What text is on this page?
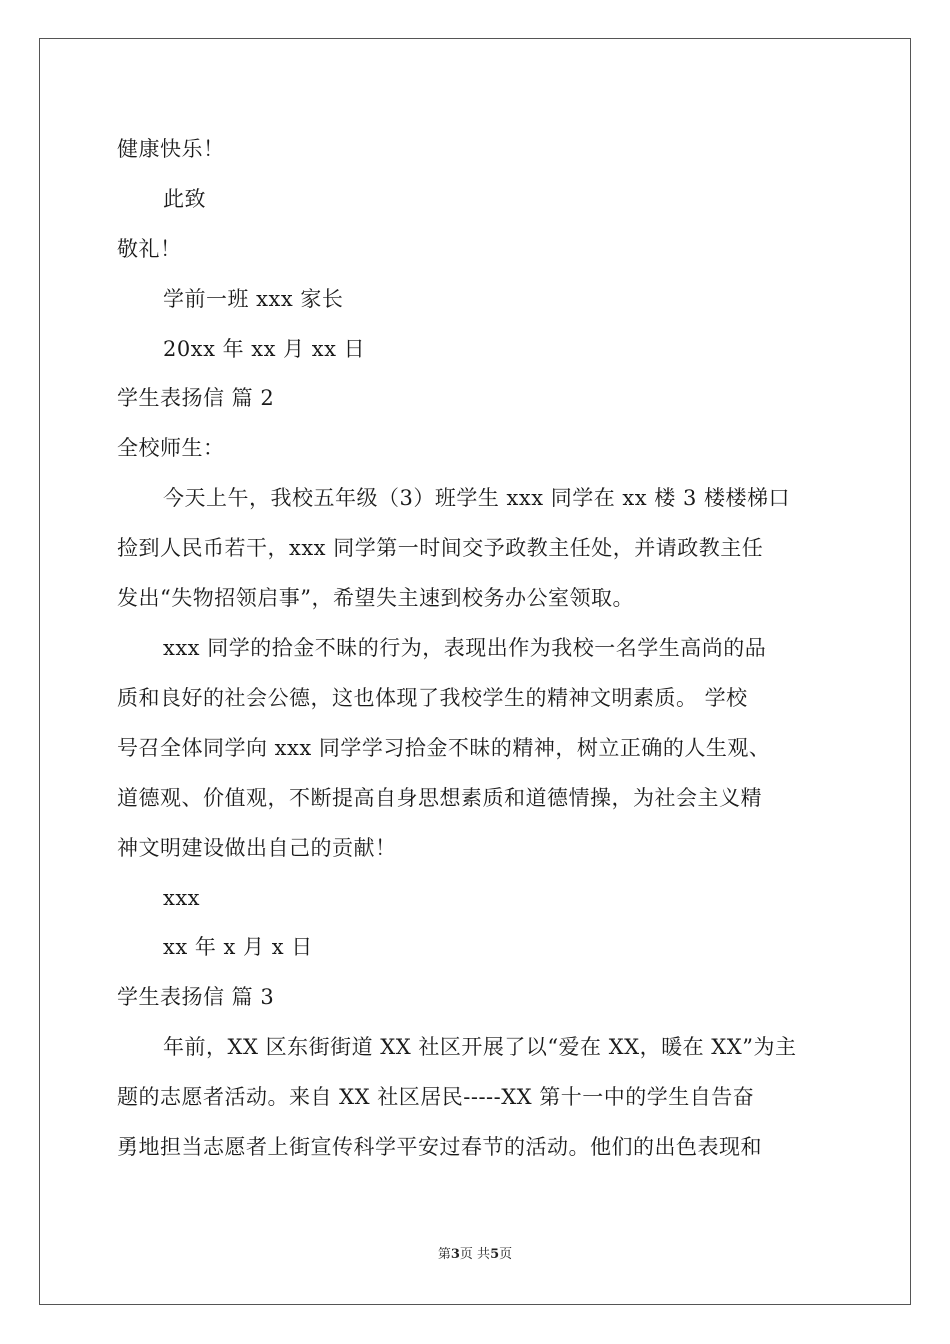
健康快乐！
此致
敬礼！
学前一班 xxx 家长
20xx 年 xx 月 xx 日
学生表扬信 篇 2
全校师生：
今天上午，我校五年级（3）班学生 xxx 同学在 xx 楼 3 楼楼梯口
捡到人民币若干，xxx 同学第一时间交予政教主任处，并请政教主任
发出“失物招领启事”，希望失主速到校务办公室领取。
xxx 同学的拾金不昧的行为，表现出作为我校一名学生高尚的品
质和良好的社会公德，这也体现了我校学生的精神文明素质。 学校
号召全体同学向 xxx 同学学习拾金不昧的精神，树立正确的人生观、
道德观、价值观，不断提高自身思想素质和道德情操，为社会主义精
神文明建设做出自己的贡献！
xxx
xx 年 x 月 x 日
学生表扬信 篇 3
年前，XX 区东街街道 XX 社区开展了以“爱在 XX，暖在 XX”为主
题的志愿者活动。来自 XX 社区居民-----XX 第十一中的学生自告奋
勇地担当志愿者上街宣传科学平安过春节的活动。他们的出色表现和
第3页 共5页
